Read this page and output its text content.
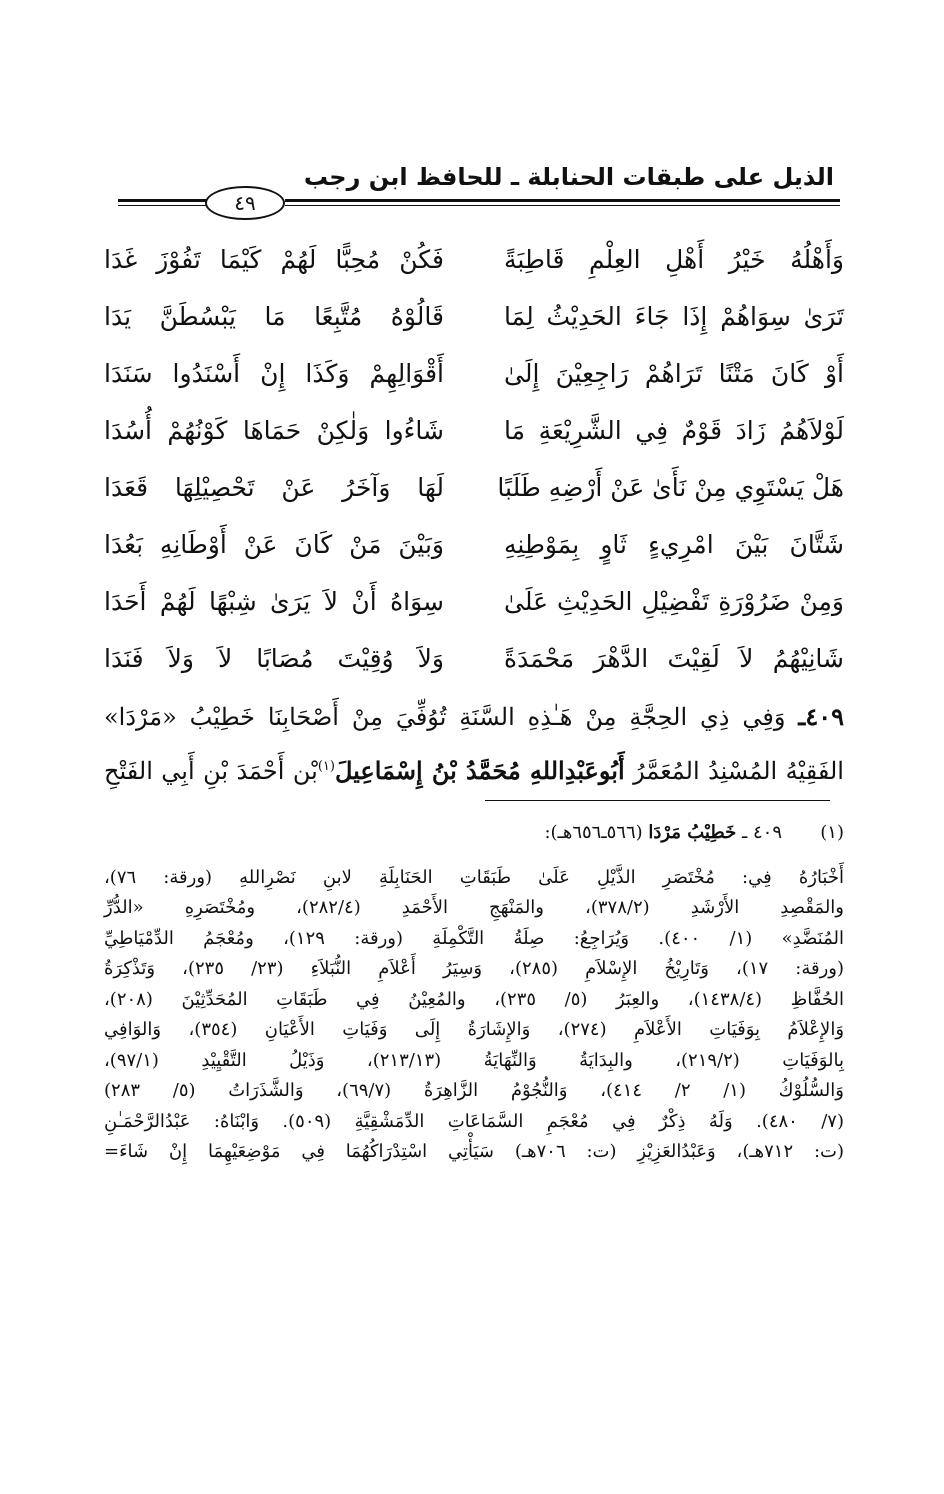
الذيل على طبقات الحنابلة ـ للحافظ ابن رجب
٤٩
وَأَهْلُهُ خَيْرُ أَهْلِ العِلْمِ قَاطِبَةً
فَكُنْ مُحِبًّا لَهُمْ كَيْمَا تَفُوْزَ غَدَا
تَرَىٰ سِوَاهُمْ إِذَا جَاءَ الحَدِيْثُ لِمَا
قَالُوْهُ مُتَّبِعًا مَا يَبْسُطَنَّ يَدَا
أَوْ كَانَ مَتْنًا تَرَاهُمْ رَاجِعِيْنَ إِلَىٰ
أَقْوَالِهِمْ وَكَذَا إِنْ أَسْنَدُوا سَنَدَا
لَوْلاَهُمُ زَادَ قَوْمٌ فِي الشَّرِيْعَةِ مَا
شَاءُوا وَلٰكِنْ حَمَاهَا كَوْنُهُمْ أُسُدَا
هَلْ يَسْتَوِي مِنْ نَأَىٰ عَنْ أَرْضِهِ طَلَبًا
لَهَا وَآخَرُ عَنْ تَحْصِيْلِهَا قَعَدَا
شَتَّانَ بَيْنَ امْرِيءٍ ثَاوٍ بِمَوْطِنِهِ
وَبَيْنَ مَنْ كَانَ عَنْ أَوْطَانِهِ بَعُدَا
وَمِنْ ضَرُوْرَةِ تَفْضِيْلِ الحَدِيْثِ عَلَىٰ
سِوَاهُ أَنْ لاَ يَرَىٰ شِبْهًا لَهُمْ أَحَدَا
شَانِيْهُمُ لاَ لَقِيْتَ الدَّهْرَ مَحْمَدَةً
وَلاَ وُقِيْتَ مُصَابًا لاَ وَلاَ فَنَدَا

٤٠٩ـ وَفِي ذِي الحِجَّةِ مِنْ هَـٰذِهِ السَّنَةِ تُوُفِّيَ مِنْ أَصْحَابِنَا خَطِيْبُ «مَرْدَا»

الفَقِيْهُ المُسْنِدُ المُعَمَّرُ أَبُوعَبْدِاللهِ مُحَمَّدُ بْنُ إِسْمَاعِيلَ$^{(١)}$بْن أَحْمَدَ بْنِ أَبِي الفَتْحِ

(١)٤٠٩ ـ خَطِيْبُ مَرْدَا (٥٦٦ـ٦٥٦هـ):

أَخْبَارُهُ فِي: مُخْتَصَرِ الذَّيْلِ عَلَىٰ طَبَقَاتِ الحَنَابِلَةِ لابنِ نَصْرِاللهِ (ورقة: ٧٦)،

والمَقْصِدِ الأَرْشَدِ (٣٧٨/٢)، والمَنْهَجِ الأَحْمَدِ (٢٨٢/٤)، ومُخْتَصَرِهِ «الدُّرِّ

المُنَضَّدِ» (١/ ٤٠٠). وَيُرَاجِعُ: صِلَةُ التَّكْمِلَةِ (ورقة: ١٢٩)، ومُعْجَمُ الدِّمْيَاطِيِّ

(ورقة: ١٧)، وَتَارِيْخُ الإِسْلاَمِ (٢٨٥)، وَسِيَرُ أَعْلاَمِ النُّبَلاَءِ (٢٣/ ٢٣٥)، وَتَذْكِرَةُ

الحُفَّاظِ (١٤٣٨/٤)، والعِبَرُ (٥/ ٢٣٥)، والمُعِيْنُ فِي طَبَقَاتِ المُحَدِّثِيْنَ (٢٠٨)،

وَالإِعْلاَمُ بِوَفَيَاتِ الأَعْلاَمِ (٢٧٤)، وَالإِشَارَةُ إِلَى وَفَيَاتِ الأَعْيَانِ (٣٥٤)، وَالوَافِي

بِالوَفَيَاتِ (٢١٩/٢)، والبِدَايَةُ وَالنِّهَايَةُ (٢١٣/١٣)، وَذَيْلُ التَّقْيِيْدِ (٩٧/١)،

وَالسُّلُوْكُ (١/ ٢/ ٤١٤)، وَالنُّجُوْمُ الزَّاهِرَةُ (٦٩/٧)، وَالشَّذَرَاتُ (٥/ ٢٨٣)

(٧/ ٤٨٠). وَلَهُ ذِكْرٌ فِي مُعْجَمِ السَّمَاعَاتِ الدِّمَشْقِيَّةِ (٥٠٩). وَابْنَاهُ: عَبْدُالرَّحْمَـٰنِ

(ت: ٧١٢هـ)، وَعَبْدُالعَزِيْزِ (ت: ٧٠٦هـ) سَيَأْتِي اسْتِدْرَاكُهُمَا فِي مَوْضِعَيْهِمَا إِنْ شَاءَ=
